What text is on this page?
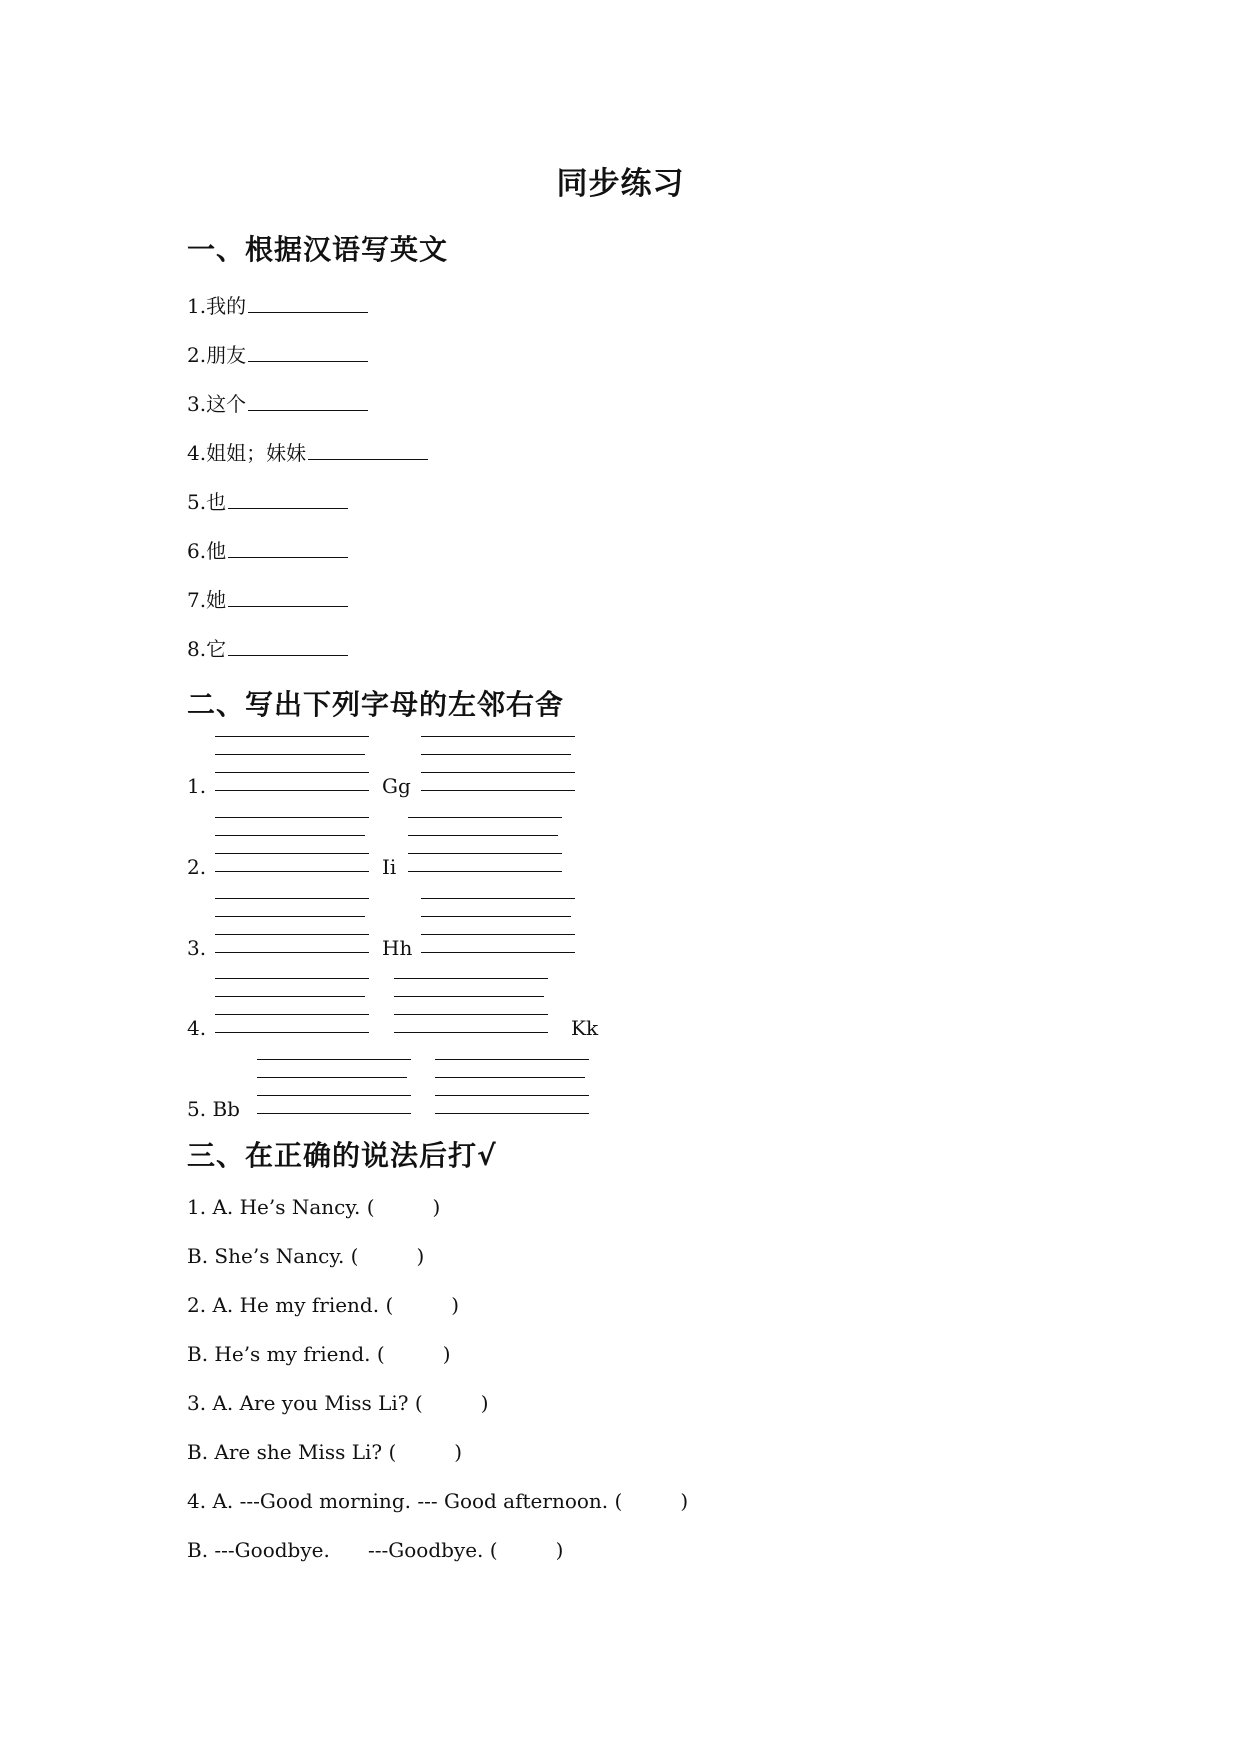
同步练习
一、根据汉语写英文
1.我的
2.朋友
3.这个
4.姐姐；妹妹
5.也
6.他
7.她
8.它
二、写出下列字母的左邻右舍
1.	Gg
2.	Ii
3.	Hh
4.	Kk
5. Bb
三、在正确的说法后打√
1. A. He’s Nancy. (	)
B. She’s Nancy. (	)
2. A. He my friend. (	)
B. He’s my friend. (	)
3. A. Are you Miss Li? (	)
B. Are she Miss Li? (	)
4. A. ---Good morning. --- Good afternoon. (	)
B. ---Goodbye.      ---Goodbye. (	)
